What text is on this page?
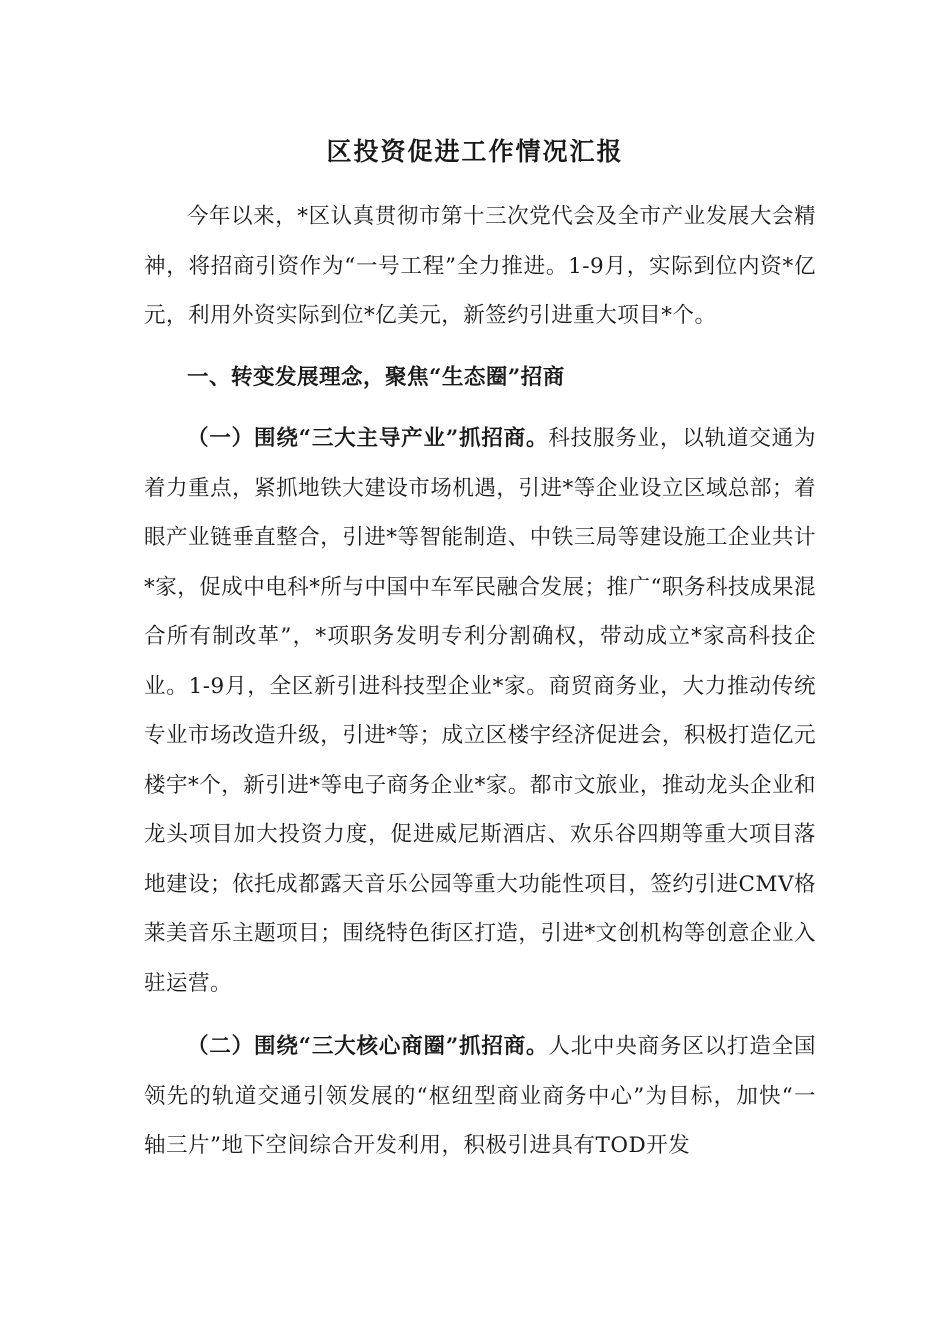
区投资促进工作情况汇报

今年以来，*区认真贯彻市第十三次党代会及全市产业发展大会精神，将招商引资作为“一号工程”全力推进。1-9月，实际到位内资*亿元，利用外资实际到位*亿美元，新签约引进重大项目*个。

一、转变发展理念，聚焦“生态圈”招商

（一）围绕“三大主导产业”抓招商。科技服务业，以轨道交通为着力重点，紧抓地铁大建设市场机遇，引进*等企业设立区域总部；着眼产业链垂直整合，引进*等智能制造、中铁三局等建设施工企业共计*家，促成中电科*所与中国中车军民融合发展；推广“职务科技成果混合所有制改革”，*项职务发明专利分割确权，带动成立*家高科技企业。1-9月，全区新引进科技型企业*家。商贸商务业，大力推动传统专业市场改造升级，引进*等；成立区楼宇经济促进会，积极打造亿元楼宇*个，新引进*等电子商务企业*家。都市文旅业，推动龙头企业和龙头项目加大投资力度，促进威尼斯酒店、欢乐谷四期等重大项目落地建设；依托成都露天音乐公园等重大功能性项目，签约引进CMV格莱美音乐主题项目；围绕特色街区打造，引进*文创机构等创意企业入驻运营。

（二）围绕“三大核心商圈”抓招商。人北中央商务区以打造全国领先的轨道交通引领发展的“枢纽型商业商务中心”为目标，加快“一轴三片”地下空间综合开发利用，积极引进具有TOD开发
